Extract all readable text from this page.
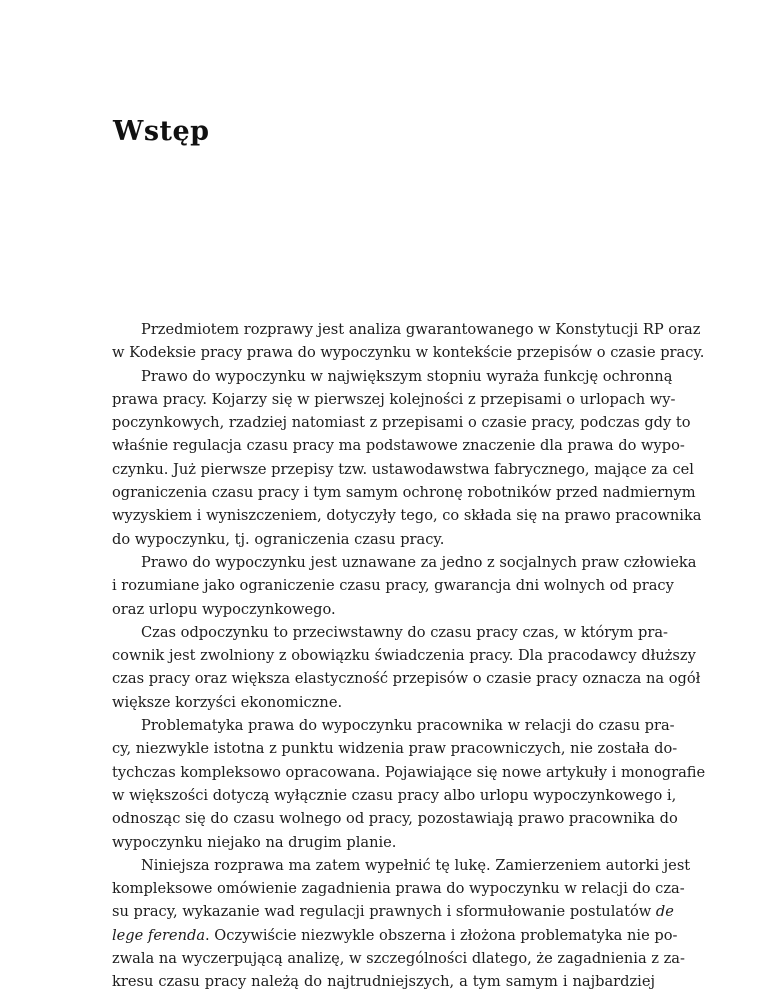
Wstęp
Przedmiotem rozprawy jest analiza gwarantowanego w Konstytucji RP oraz
w Kodeksie pracy prawa do wypoczynku w kontekście przepisów o czasie pracy.
Prawo do wypoczynku w największym stopniu wyraża funkcję ochronną
prawa pracy. Kojarzy się w pierwszej kolejności z przepisami o urlopach wy-
poczynkowych, rzadziej natomiast z przepisami o czasie pracy, podczas gdy to
właśnie regulacja czasu pracy ma podstawowe znaczenie dla prawa do wypo-
czynku. Już pierwsze przepisy tzw. ustawodawstwa fabrycznego, mające za cel
ograniczenia czasu pracy i tym samym ochronę robotników przed nadmiernym
wyzyskiem i wyniszczeniem, dotyczyły tego, co składa się na prawo pracownika
do wypoczynku, tj. ograniczenia czasu pracy.
Prawo do wypoczynku jest uznawane za jedno z socjalnych praw człowieka
i rozumiane jako ograniczenie czasu pracy, gwarancja dni wolnych od pracy
oraz urlopu wypoczynkowego.
Czas odpoczynku to przeciwstawny do czasu pracy czas, w którym pra-
cownik jest zwolniony z obowiązku świadczenia pracy. Dla pracodawcy dłuższy
czas pracy oraz większa elastyczność przepisów o czasie pracy oznacza na ogół
większe korzyści ekonomiczne.
Problematyka prawa do wypoczynku pracownika w relacji do czasu pra-
cy, niezwykle istotna z punktu widzenia praw pracowniczych, nie została do-
tychczas kompleksowo opracowana. Pojawiające się nowe artykuły i monografie
w większości dotyczą wyłącznie czasu pracy albo urlopu wypoczynkowego i,
odnosząc się do czasu wolnego od pracy, pozostawiają prawo pracownika do
wypoczynku niejako na drugim planie.
Niniejsza rozprawa ma zatem wypełnić tę lukę. Zamierzeniem autorki jest
kompleksowe omówienie zagadnienia prawa do wypoczynku w relacji do cza-
su pracy, wykazanie wad regulacji prawnych i sformułowanie postulatów de
lege ferenda. Oczywiście niezwykle obszerna i złożona problematyka nie po-
zwala na wyczerpującą analizę, w szczególności dlatego, że zagadnienia z za-
kresu czasu pracy należą do najtrudniejszych, a tym samym i najbardziej
